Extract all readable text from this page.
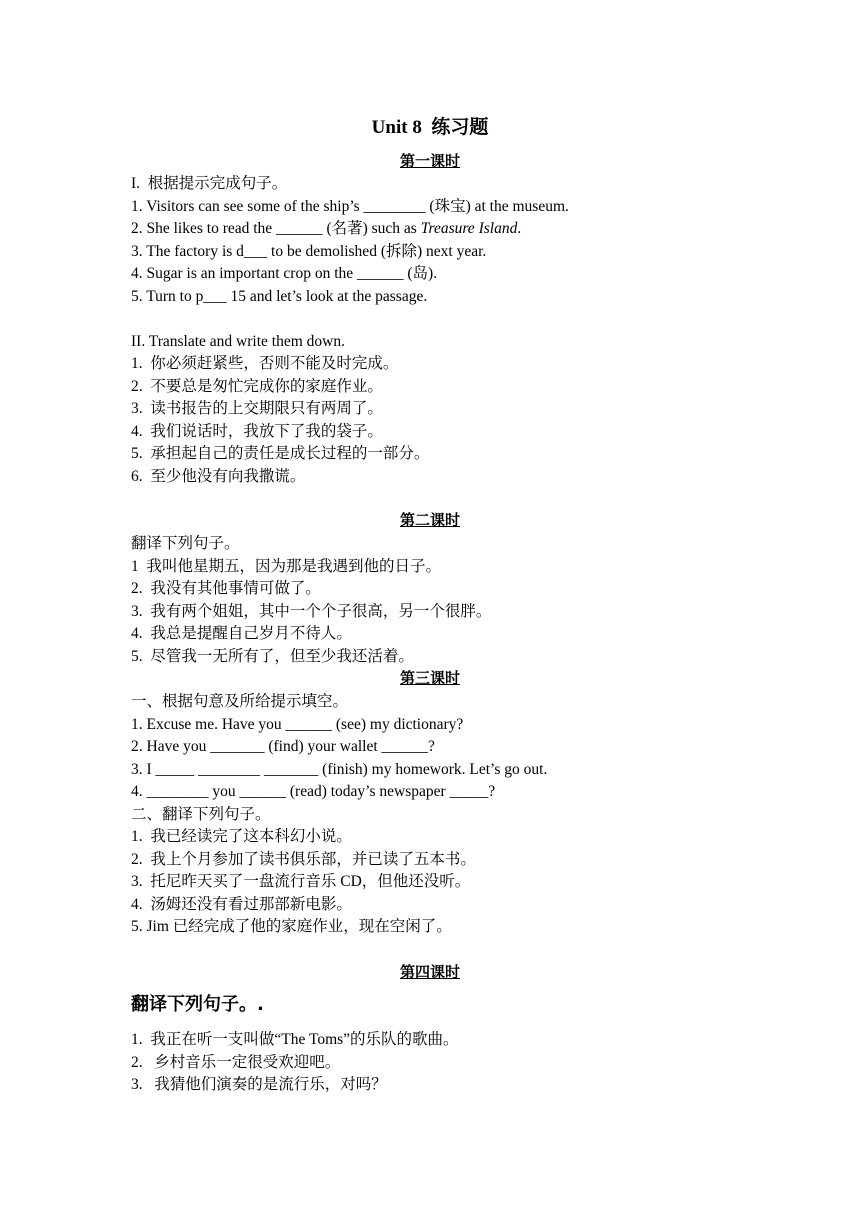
Unit 8  练习题
第一课时
I.  根据提示完成句子。
1. Visitors can see some of the ship’s ________ (珠宝) at the museum.
2. She likes to read the ______ (名著) such as Treasure Island.
3. The factory is d___ to be demolished (拆除) next year.
4. Sugar is an important crop on the ______ (岛).
5. Turn to p___ 15 and let’s look at the passage.
II. Translate and write them down.
1.  你必须赶紧些，否则不能及时完成。
2.  不要总是匆忙完成你的家庭作业。
3.  读书报告的上交期限只有两周了。
4.  我们说话时，我放下了我的袋子。
5.  承担起自己的责任是成长过程的一部分。
6.  至少他没有向我撒谎。
第二课时
翻译下列句子。
1  我叫他星期五，因为那是我遇到他的日子。
2.  我没有其他事情可做了。
3.  我有两个姐姐，其中一个个子很高，另一个很胖。
4.  我总是提醒自己岁月不待人。
5.  尽管我一无所有了，但至少我还活着。
第三课时
一、根据句意及所给提示填空。
1. Excuse me. Have you ______ (see) my dictionary?
2. Have you _______ (find) your wallet ______?
3. I _____ ________ _______ (finish) my homework. Let’s go out.
4. ________ you ______ (read) today’s newspaper _____?
二、翻译下列句子。
1.  我已经读完了这本科幻小说。
2.  我上个月参加了读书俱乐部，并已读了五本书。
3.  托尼昨天买了一盘流行音乐 CD，但他还没听。
4.  汤姆还没有看过那部新电影。
5. Jim 已经完成了他的家庭作业，现在空闲了。
第四课时
翻译下列句子。.
1.  我正在听一支叫做“The Toms”的乐队的歌曲。
2.   乡村音乐一定很受欢迎吧。
3.   我猜他们演奏的是流行乐，对吗？
